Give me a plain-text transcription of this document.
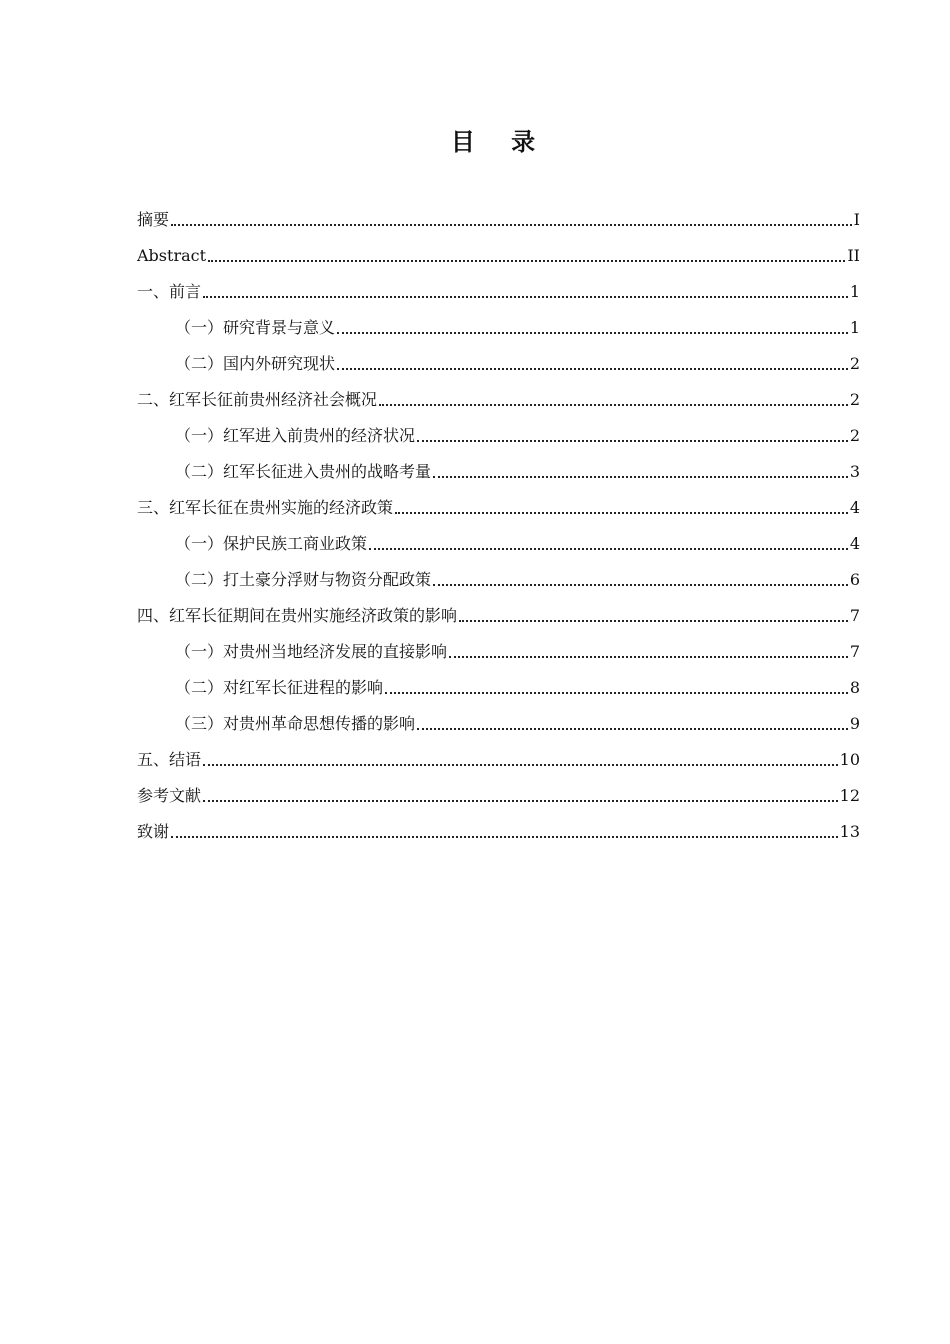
目 录
摘要	I
Abstract	II
一、前言	1
（一）研究背景与意义	1
（二）国内外研究现状	2
二、红军长征前贵州经济社会概况	2
（一）红军进入前贵州的经济状况	2
（二）红军长征进入贵州的战略考量	3
三、红军长征在贵州实施的经济政策	4
（一）保护民族工商业政策	4
（二）打土豪分浮财与物资分配政策	6
四、红军长征期间在贵州实施经济政策的影响	7
（一）对贵州当地经济发展的直接影响	7
（二）对红军长征进程的影响	8
（三）对贵州革命思想传播的影响	9
五、结语	10
参考文献	12
致谢	13
